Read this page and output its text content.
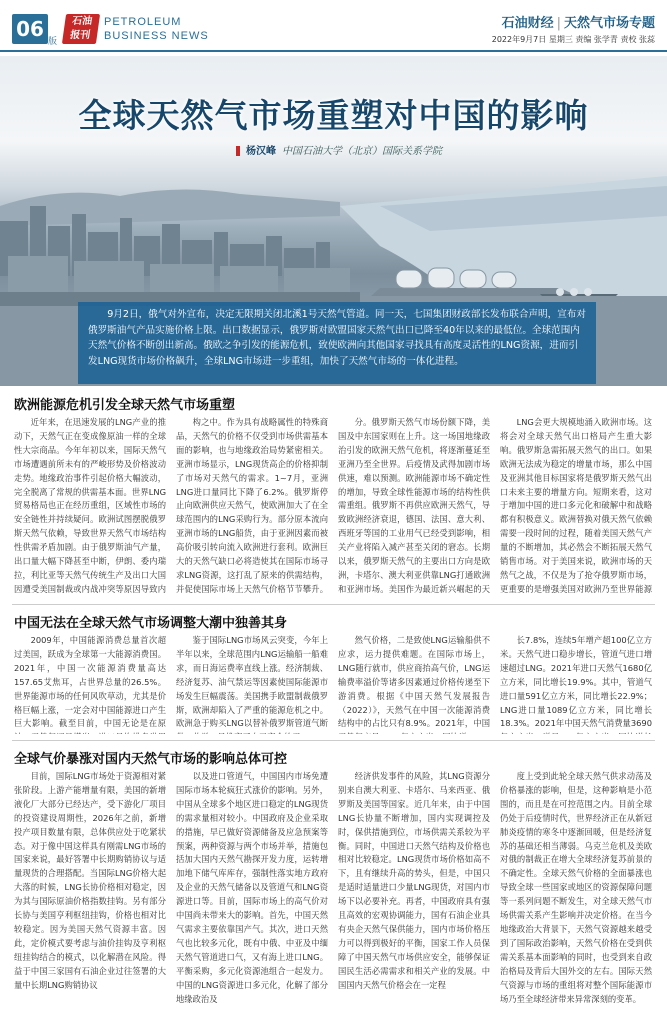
06
版
石油
报刊
PETROLEUM
BUSINESS NEWS
石油财经 | 天然气市场专题
2022年9月7日 星期三 责编 张学青 责校 张蕊
全球天然气市场重塑对中国的影响
杨汉峰 中国石油大学（北京）国际关系学院
9月2日，俄气对外宣布，决定无限期关闭北溪1号天然气管道。同一天，七国集团财政部长发布联合声明，宣布对俄罗斯油气产品实施价格上限。出口数据显示，俄罗斯对欧盟国家天然气出口已降至40年以来的最低位。全球范围内天然气价格不断创出新高。俄欧之争引发的能源危机，致使欧洲向其他国家寻找具有高度灵活性的LNG资源，进而引发LNG现货市场价格飙升，全球LNG市场进一步重组，加快了天然气市场的一体化进程。
欧洲能源危机引发全球天然气市场重塑

近年来，在迅速发展的LNG产业的推动下，天然气正在变成像原油一样的全球性大宗商品。今年年初以来，国际天然气市场遭遇前所未有的严峻形势及价格波动走势。地缘政治事件引起价格大幅波动，完全脱离了常规的供需基本面。世界LNG贸易格局也正在经历重组，区域性市场的安全链性并持续疑问。欧洲试图摆脱俄罗斯天然气依赖，导致世界天然气市场结构性供需矛盾加剧。由于俄罗斯油气产量，出口量大幅下降甚至中断，伊朗、委内瑞拉，利比亚等天然气传统生产及出口大国因遭受美国制裁或内战冲突等原因导致内

构之中。作为具有战略属性的特殊商品，天然气的价格不仅受到市场供需基本面的影响，也与地缘政治局势紧密相关。亚洲市场显示，LNG现货高企的价格抑制了市场对天然气的需求。1~7月，亚洲LNG进口量同比下降了6.2%。俄罗斯停止向欧洲供应天然气，使欧洲加大了在全球范围内的LNG采购行为。部分原本流向亚洲市场的LNG船货，由于亚洲因素而被高价吸引转向流入欧洲进行套利。欧洲巨大的天然气缺口必将造使其在国际市场寻求LNG资源，这打乱了原来的供需结构，并促使国际市场上天然气价格节节攀升。

分。俄罗斯天然气市场份额下降，美国及中东国家则在上升。这一场国地缘政治引发的欧洲天然气危机，将逐渐蔓延至亚洲乃至全世界。后疫情及武得加剧市场供速，难以预测。欧洲能源市场不确定性的增加，导致全球性能源市场的结构性供需重组。俄罗斯不再供应欧洲天然气，导致欧洲经济衰退，德国、法国、意大利、西班牙等国的工业用气已经受到影响，相关产业将陷入减产甚至关闭的窘态。长期以来，俄罗斯天然气的主要出口方向是欧洲，卡塔尔、澳大利亚供靠LNG打通欧洲和亚洲市场。美国作为最近新兴崛起的天

LNG会更大规模地涌入欧洲市场。这将会对全球天然气出口格局产生重大影响。俄罗斯急需拓展天然气的出口。如果欧洲无法成为稳定的增量市场，那么中国及亚洲其他目标国家将是俄罗斯天然气出口未来主要的增量方向。短期来看，这对于增加中国的进口多元化和破解中和战略都有积极意义。欧洲替换对俄天然气依赖需要一段时间的过程，随着美国天然气产量的不断增加，其必然会不断拓展天然气销售市场。对于美国来说，欧洲市场的天然气之战，不仅是为了抢夺俄罗斯市场，更重要的是增强美国对欧洲乃至世界能源

中国无法在全球天然气市场调整大潮中独善其身

2009年，中国能源消费总量首次超过美国，跃成为全球第一大能源消费国。2021年，中国一次能源消费量高达157.65艾焦耳，占世界总量的26.5%。世界能源市场的任何风吹草动，尤其是价格巨幅上涨，一定会对中国能源进口产生巨大影响。截至目前，中国无论是在原

鉴于国际LNG市场风云突变，今年上半年以来，全球范围内LNG运输船一船难求，而日海运费率直线上涨。经济制裁、经济复苏、油气禁运等因素使国际能源市场发生巨幅震荡。美国携手欧盟制裁俄罗斯，欧洲却陷入了严重的能源危机之中。欧洲急于购买LNG以替补俄罗斯管道气断

然气价格，二是致使LNG运输船供不应求，运力提供难题。在国际市场上，LNG随行就市，供应商抬高气价，LNG运输费率溢价等诸多因素通过价格传递至下游消费。根据《中国天然气发展报告（2022）》，天然气在中国一次能源消费结构中的占比只有8.9%。2021年，中国

长7.8%，连续5年增产超100亿立方米。天然气进口稳步增长，管道气进口增速超过LNG。2021年进口天然气1680亿立方米，同比增长19.9%。其中，管道气进口量591亿立方米，同比增长22.9%；LNG进口量1089亿立方米，同比增长18.3%。2021年中国天然气消费量3690

全球气价暴涨对国内天然气市场的影响总体可控

目前，国际LNG市场处于资源相对紧张阶段。上游产能增量有限，美国的新增液化厂大部分已经达产，受下游化厂项目的投资建设周期性，2026年之前，新增投产项目数量有限，总体供应处于吃紧状态。对于像中国这样具有刚需LNG市场的国家来说，最好答署中长期购销协议与适量现货的合理搭配。当国际LNG价格大起大落的时候，LNG长协价格相对稳定，因为其与国际原油价格指数挂钩。另有部分长协与美国亨利枢纽挂钩，价格也相对比较稳定。因为美国天然气资源丰富。因此，定价模式要考虑与油价挂钩及亨利枢纽挂钩结合的模式，以化解潜在风险。得益于中国三家国有石油企业过往签署的大量中长期LNG购销协议

以及进口管道气，中国国内市场免遭国际市场本轮疯狂式涨价的影响。另外，中国从全球多个地区进口稳定的LNG现货的需求量相对较小。中国政府及企业采取的措施，早已做好资源储备及应急预案等预案，两种资源与两个市场并举，措施包括加大国内天然气勘探开发力度，运转增加地下储气库库存，强制性落实地方政府及企业的天然气储备以及管道气和LNG资源进口等。目前，国际市场上的高气价对中国尚未带来大的影响。首先，中国天然气需求主要依靠国产气。其次，进口天然气也比较多元化，既有中俄、中亚及中缅天然气管道进口气，又有海上进口LNG。平衡采购，多元化资源池组合一起发力。中国的LNG资源进口多元化，化解了部分地缘政治及

经济供发事件的风险，其LNG资源分别来自澳大利亚、卡塔尔、马来西亚、俄罗斯及美国等国家。近几年来，由于中国LNG长协量不断增加，国内实现调控及时，保供措施到位，市场供需关系较为平衡。同时，中国进口天然气结构及价格也相对比较稳定。LNG现货市场价格如高不下，且有继续升高的势头，但是，中国只是适时适量进口少量LNG现货，对国内市场下以必要补充。再者，中国政府具有强且高效的宏观协调能力，国有石油企业具有央企天然气保供能力，国内市场价格压力可以得到极好的平衡，国家工作人员保障了中国天然气市场供应安全，能够保证国民生活必需需求和相关产业的发展。中国国内天然气价格会在一定程

度上受到此轮全球天然气供求动荡及价格暴涨的影响，但是，这种影响是小范围的，而且是在可控范围之内。目前全球仍处于后疫情时代，世界经济正在从新冠肺炎疫情的寒冬中逐渐回暖，但是经济复苏的基础还相当薄弱。乌克兰危机及美欧对俄的制裁正在增大全球经济复苏前景的不确定性。全球天然气价格的全面暴涨也导致全球一些国家或地区的资源保障问题等一系列问题不断发生，对全球天然气市场供需关系产生影响并决定价格。在当今地缘政治大背景下，天然气资源越来越受到了国际政治影响，天然气价格在受到供需关系基本面影响的同时，也受到来自政治格局及背后大国外交的左右。国际天然气资源与市场的重组将对整个国际能源市场乃至全球经济带来异常深刻的变革。
